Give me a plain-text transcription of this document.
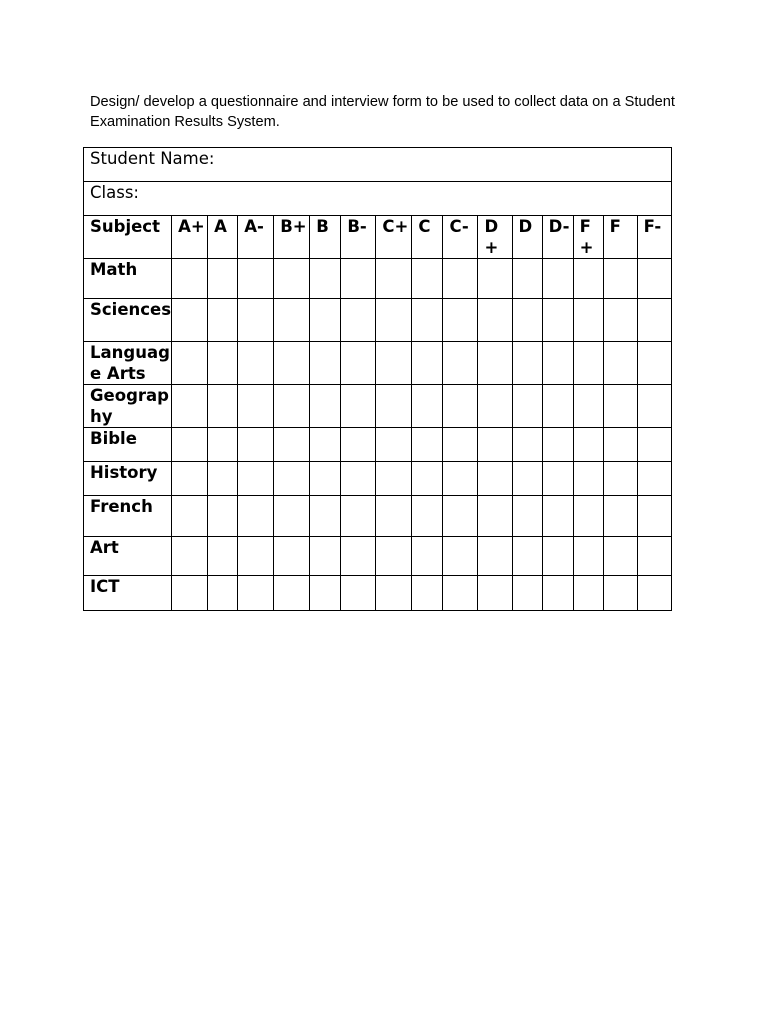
Design/ develop a questionnaire and interview form to be used to collect data on a Student Examination Results System.

Student Name:															
Class:															
Subject	A+	A	A-	B+	B	B-	C+	C	C-	D+	D	D-	F+	F	F-
Math															
Sciences															
Language Arts															
Geography															
Bible															
History															
French															
Art															
ICT															
